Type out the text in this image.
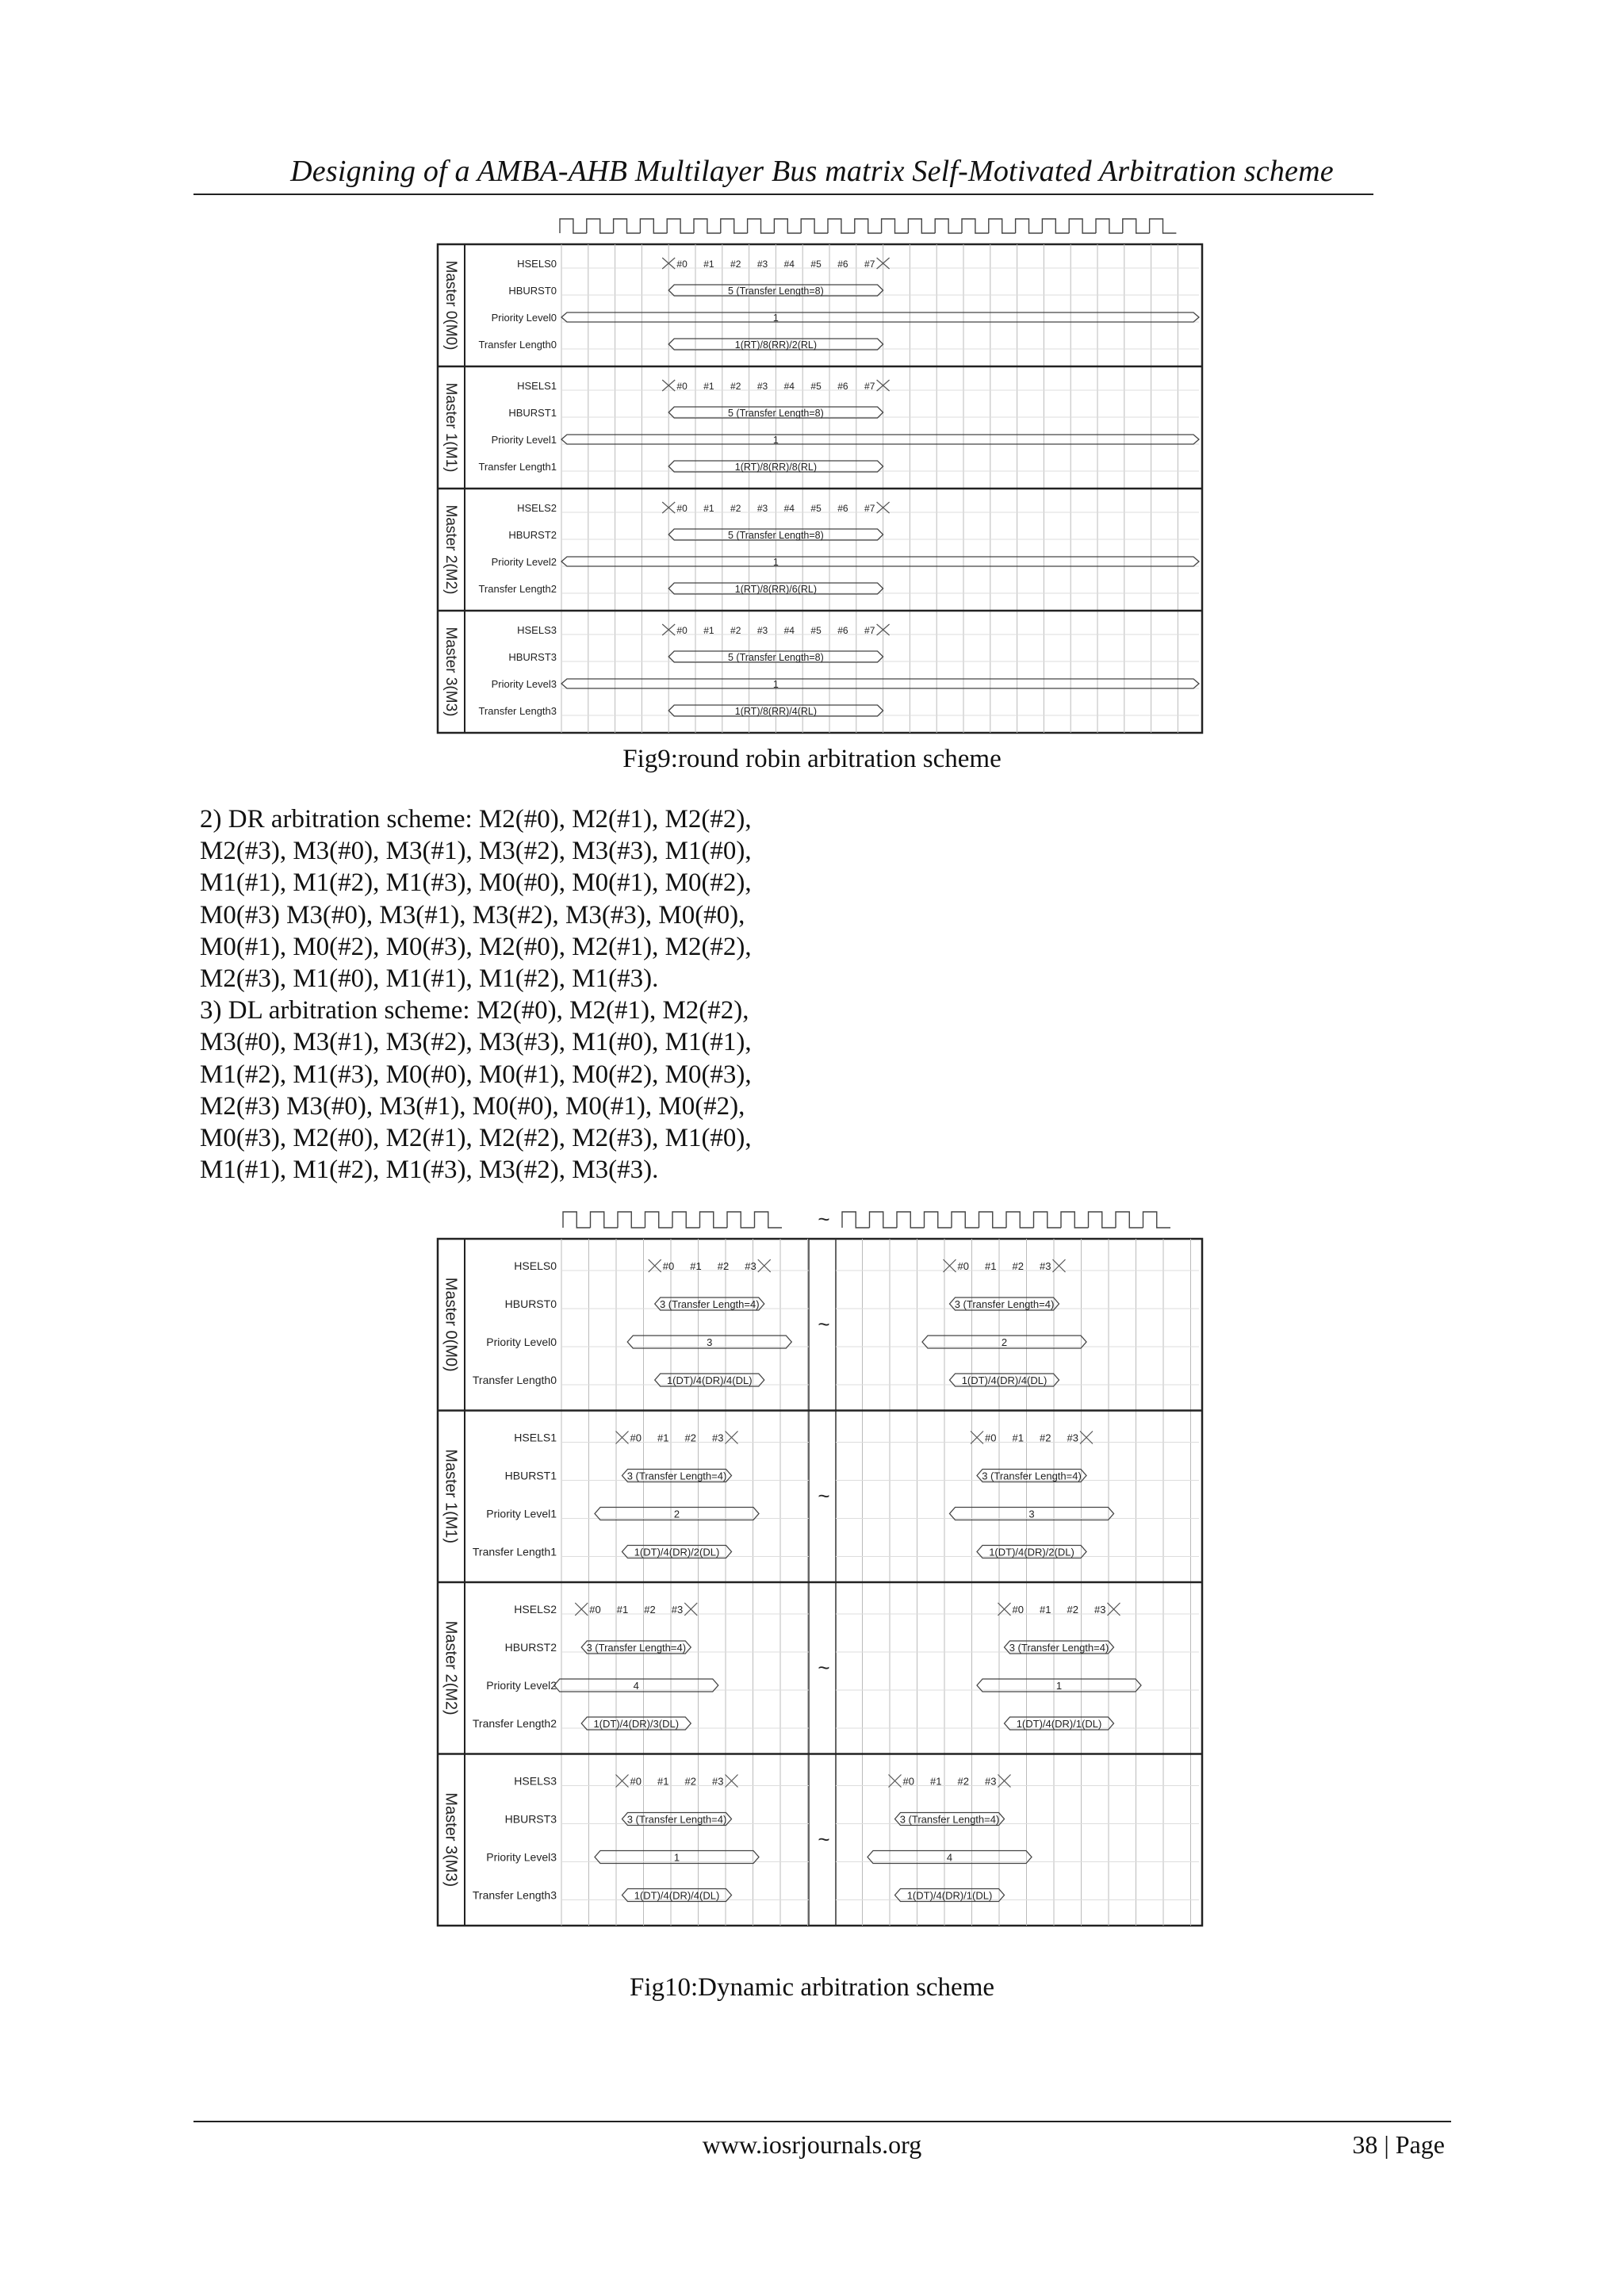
Designing of a AMBA-AHB Multilayer Bus matrix Self-Motivated Arbitration scheme
Master 0(M0)	HSELS0
HBURST0
Priority Level0
Transfer Length0
#0 #1 #2 #3 #4 #5 #6 #7
5 (Transfer Length=8)
1
1(RT)/8(RR)/2(RL)
Master 1(M1)	HSELS1
HBURST1
Priority Level1
Transfer Length1
#0 #1 #2 #3 #4 #5 #6 #7
5 (Transfer Length=8)
1
1(RT)/8(RR)/8(RL)
Master 2(M2)	HSELS2
HBURST2
Priority Level2
Transfer Length2
#0 #1 #2 #3 #4 #5 #6 #7
5 (Transfer Length=8)
1
1(RT)/8(RR)/6(RL)
Master 3(M3)	HSELS3
HBURST3
Priority Level3
Transfer Length3
#0 #1 #2 #3 #4 #5 #6 #7
5 (Transfer Length=8)
1
1(RT)/8(RR)/4(RL)
Fig9:round robin arbitration scheme
2) DR arbitration scheme: M2(#0), M2(#1), M2(#2),
M2(#3), M3(#0), M3(#1), M3(#2), M3(#3), M1(#0),
M1(#1), M1(#2), M1(#3), M0(#0), M0(#1), M0(#2),
M0(#3) M3(#0), M3(#1), M3(#2), M3(#3), M0(#0),
M0(#1), M0(#2), M0(#3), M2(#0), M2(#1), M2(#2),
M2(#3), M1(#0), M1(#1), M1(#2), M1(#3).
3) DL arbitration scheme: M2(#0), M2(#1), M2(#2),
M3(#0), M3(#1), M3(#2), M3(#3), M1(#0), M1(#1),
M1(#2), M1(#3), M0(#0), M0(#1), M0(#2), M0(#3),
M2(#3) M3(#0), M3(#1), M0(#0), M0(#1), M0(#2),
M0(#3), M2(#0), M2(#1), M2(#2), M2(#3), M1(#0),
M1(#1), M1(#2), M1(#3), M3(#2), M3(#3).
~
Master 0(M0)	~
HSELS0
HBURST0
Priority Level0
Transfer Length0
#0 #1 #2 #3
3 (Transfer Length=4)
3
1(DT)/4(DR)/4(DL)
#0 #1 #2 #3
3 (Transfer Length=4)
2
1(DT)/4(DR)/4(DL)
Master 1(M1)	~
HSELS1
HBURST1
Priority Level1
Transfer Length1
#0 #1 #2 #3
3 (Transfer Length=4)
2
1(DT)/4(DR)/2(DL)
#0 #1 #2 #3
3 (Transfer Length=4)
3
1(DT)/4(DR)/2(DL)
Master 2(M2)	~
HSELS2
HBURST2
Priority Level2
Transfer Length2
#0 #1 #2 #3
3 (Transfer Length=4)
4
1(DT)/4(DR)/3(DL)
#0 #1 #2 #3
3 (Transfer Length=4)
1
1(DT)/4(DR)/1(DL)
Master 3(M3)	~
HSELS3
HBURST3
Priority Level3
Transfer Length3
#0 #1 #2 #3
3 (Transfer Length=4)
1
1(DT)/4(DR)/4(DL)
#0 #1 #2 #3
3 (Transfer Length=4)
4
1(DT)/4(DR)/1(DL)
Fig10:Dynamic arbitration scheme
www.iosrjournals.org	38 | Page
